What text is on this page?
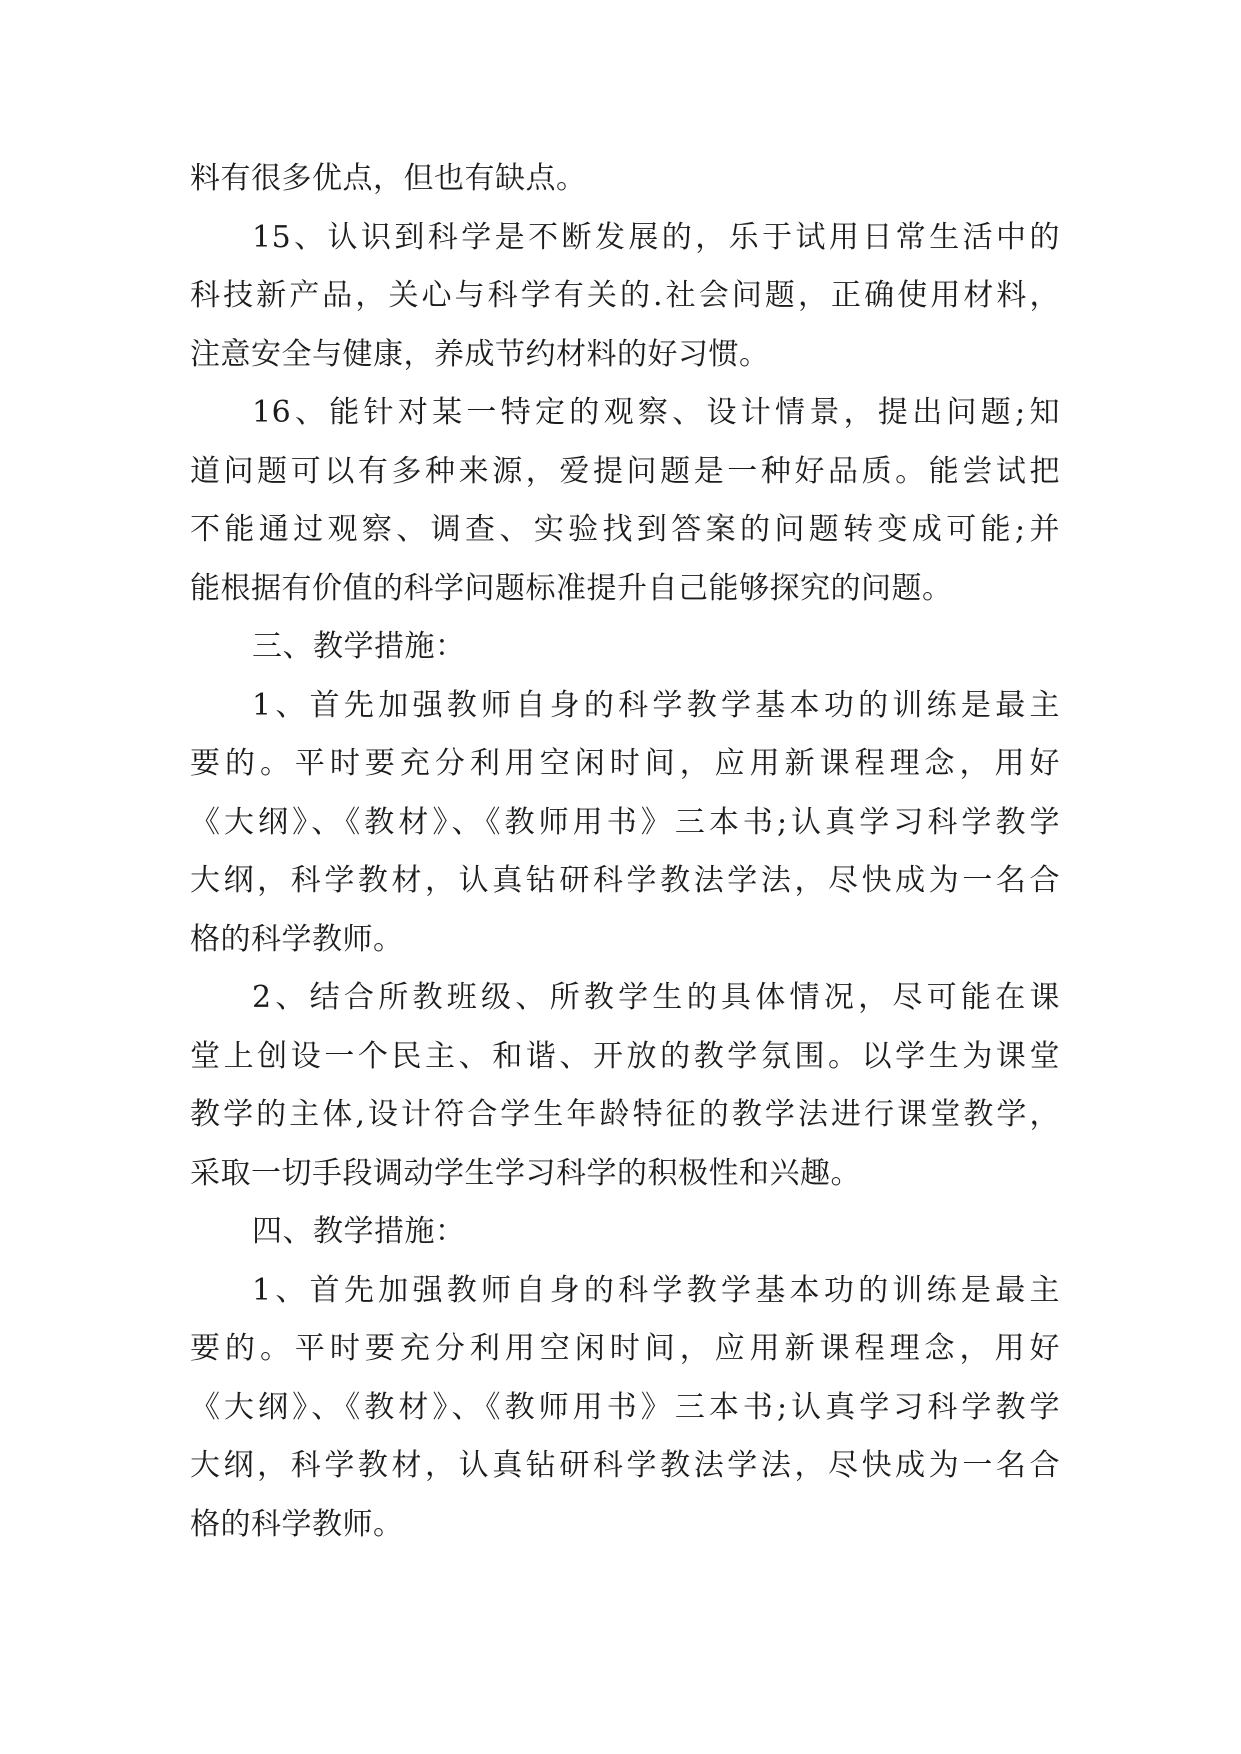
料有很多优点，但也有缺点。
15、认识到科学是不断发展的，乐于试用日常生活中的
科技新产品，关心与科学有关的.社会问题，正确使用材料，
注意安全与健康，养成节约材料的好习惯。
16、能针对某一特定的观察、设计情景，提出问题;知
道问题可以有多种来源，爱提问题是一种好品质。能尝试把
不能通过观察、调查、实验找到答案的问题转变成可能;并
能根据有价值的科学问题标准提升自己能够探究的问题。
三、教学措施：
1、首先加强教师自身的科学教学基本功的训练是最主
要的。平时要充分利用空闲时间，应用新课程理念，用好
《大纲》、《教材》、《教师用书》三本书;认真学习科学教学
大纲，科学教材，认真钻研科学教法学法，尽快成为一名合
格的科学教师。
2、结合所教班级、所教学生的具体情况，尽可能在课
堂上创设一个民主、和谐、开放的教学氛围。以学生为课堂
教学的主体,设计符合学生年龄特征的教学法进行课堂教学，
采取一切手段调动学生学习科学的积极性和兴趣。
四、教学措施：
1、首先加强教师自身的科学教学基本功的训练是最主
要的。平时要充分利用空闲时间，应用新课程理念，用好
《大纲》、《教材》、《教师用书》三本书;认真学习科学教学
大纲，科学教材，认真钻研科学教法学法，尽快成为一名合
格的科学教师。
